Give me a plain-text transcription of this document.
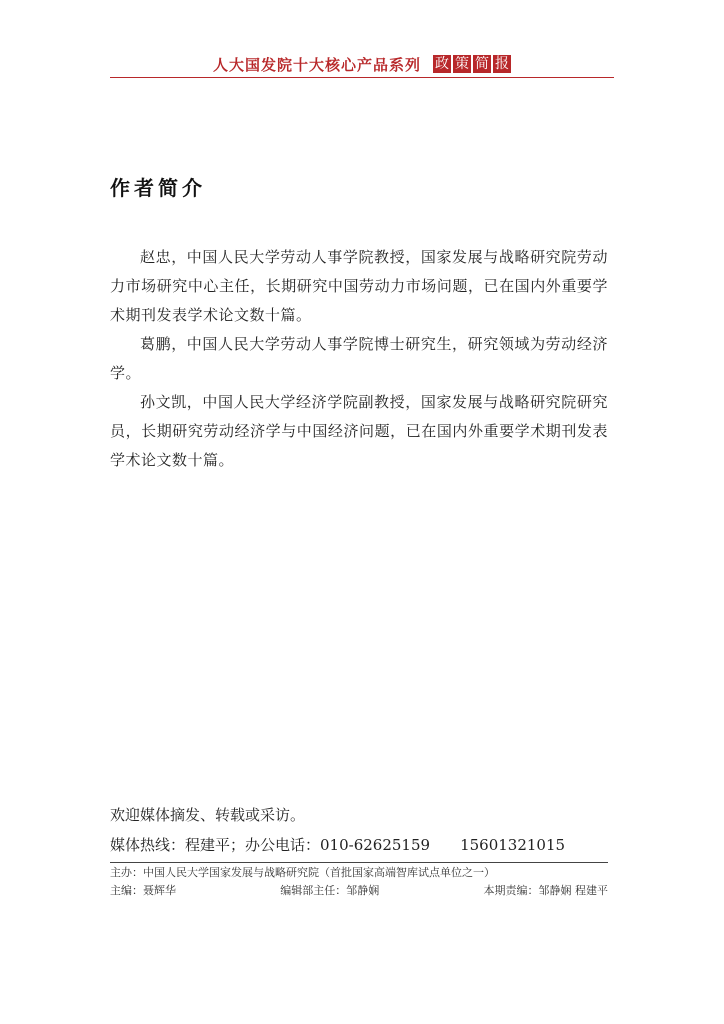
人大国发院十大核心产品系列 政 策 简 报
作者简介

赵忠，中国人民大学劳动人事学院教授，国家发展与战略研究院劳动力市场研究中心主任，长期研究中国劳动力市场问题，已在国内外重要学术期刊发表学术论文数十篇。

葛鹏，中国人民大学劳动人事学院博士研究生，研究领域为劳动经济学。

孙文凯，中国人民大学经济学院副教授，国家发展与战略研究院研究员，长期研究劳动经济学与中国经济问题，已在国内外重要学术期刊发表学术论文数十篇。

欢迎媒体摘发、转载或采访。
媒体热线：程建平；办公电话：010-62625159 15601321015
主办：中国人民大学国家发展与战略研究院（首批国家高端智库试点单位之一）
主编：聂辉华	编辑部主任：邹静娴	本期责编：邹静娴 程建平
